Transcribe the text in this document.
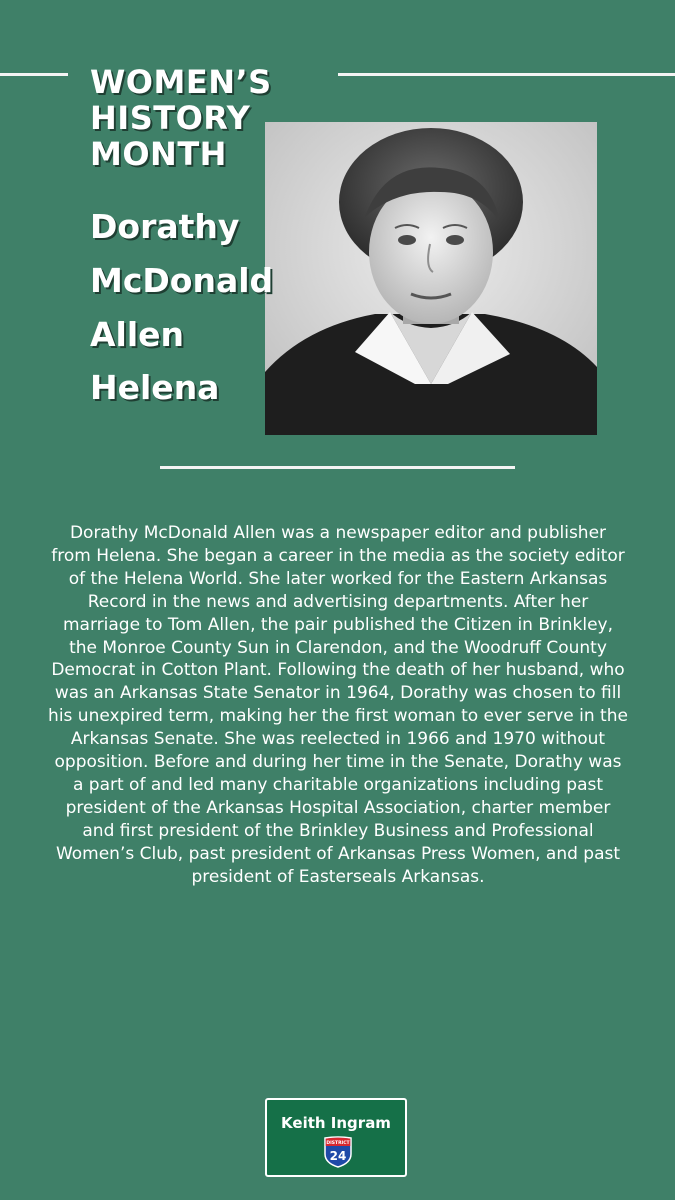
WOMEN’S
HISTORY
MONTH
Dorathy
McDonald
Allen
Helena

Dorathy McDonald Allen was a newspaper editor and publisher from Helena. She began a career in the media as the society editor of the Helena World. She later worked for the Eastern Arkansas Record in the news and advertising departments. After her marriage to Tom Allen, the pair published the Citizen in Brinkley, the Monroe County Sun in Clarendon, and the Woodruff County Democrat in Cotton Plant. Following the death of her husband, who was an Arkansas State Senator in 1964, Dorathy was chosen to fill his unexpired term, making her the first woman to ever serve in the Arkansas Senate. She was reelected in 1966 and 1970 without opposition. Before and during her time in the Senate, Dorathy was a part of and led many charitable organizations including past president of the Arkansas Hospital Association, charter member and first president of the Brinkley Business and Professional Women’s Club, past president of Arkansas Press Women, and past president of Easterseals Arkansas.

Keith Ingram
DISTRICT
24
